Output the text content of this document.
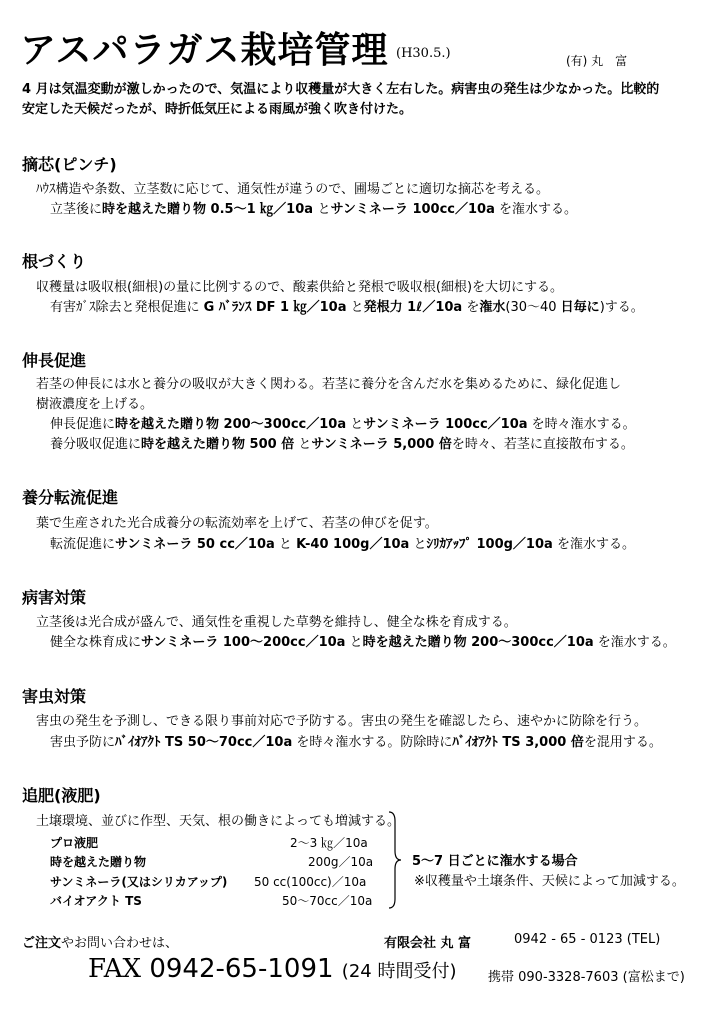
アスパラガス栽培管理 (H30.5.)	(有) 丸　富
4 月は気温変動が激しかったので、気温により収穫量が大きく左右した。病害虫の発生は少なかった。比較的
安定した天候だったが、時折低気圧による雨風が強く吹き付けた。
摘芯(ピンチ)
ﾊｳｽ構造や条数、立茎数に応じて、通気性が違うので、圃場ごとに適切な摘芯を考える。
立茎後に時を越えた贈り物 0.5～1 ㎏／10a とサンミネーラ 100cc／10a を潅水する。
根づくり
収穫量は吸収根(細根)の量に比例するので、酸素供給と発根で吸収根(細根)を大切にする。
有害ｶﾞｽ除去と発根促進に G ﾊﾞﾗﾝｽ DF 1 ㎏／10a と発根力 1ℓ／10a を潅水(30～40 日毎に)する。
伸長促進
若茎の伸長には水と養分の吸収が大きく関わる。若茎に養分を含んだ水を集めるために、緑化促進し
樹液濃度を上げる。
伸長促進に時を越えた贈り物 200～300cc／10a とサンミネーラ 100cc／10a を時々潅水する。
養分吸収促進に時を越えた贈り物 500 倍 とサンミネーラ 5,000 倍を時々、若茎に直接散布する。
養分転流促進
葉で生産された光合成養分の転流効率を上げて、若茎の伸びを促す。
転流促進にサンミネーラ 50 cc／10a と K-40 100g／10a とｼﾘｶｱｯﾌﾟ 100g／10a を潅水する。
病害対策
立茎後は光合成が盛んで、通気性を重視した草勢を維持し、健全な株を育成する。
健全な株育成にサンミネーラ 100～200cc／10a と時を越えた贈り物 200～300cc／10a を潅水する。
害虫対策
害虫の発生を予測し、できる限り事前対応で予防する。害虫の発生を確認したら、速やかに防除を行う。
害虫予防にﾊﾞｲｵｱｸﾄ TS 50～70cc／10a を時々潅水する。防除時にﾊﾞｲｵｱｸﾄ TS 3,000 倍を混用する。
追肥(液肥)
土壌環境、並びに作型、天気、根の働きによっても増減する。
プロ液肥	2～3 ㎏／10a
時を越えた贈り物	200g／10a
サンミネーラ(又はシリカアップ) 50 cc(100cc)／10a
バイオアクト TS	50～70cc／10a
5～7 日ごとに潅水する場合
※収穫量や土壌条件、天候によって加減する。
ご注文やお問い合わせは、	有限会社 丸 富	0942 - 65 - 0123 (TEL)
FAX 0942-65-1091 (24 時間受付) 携帯 090-3328-7603 (富松まで)
